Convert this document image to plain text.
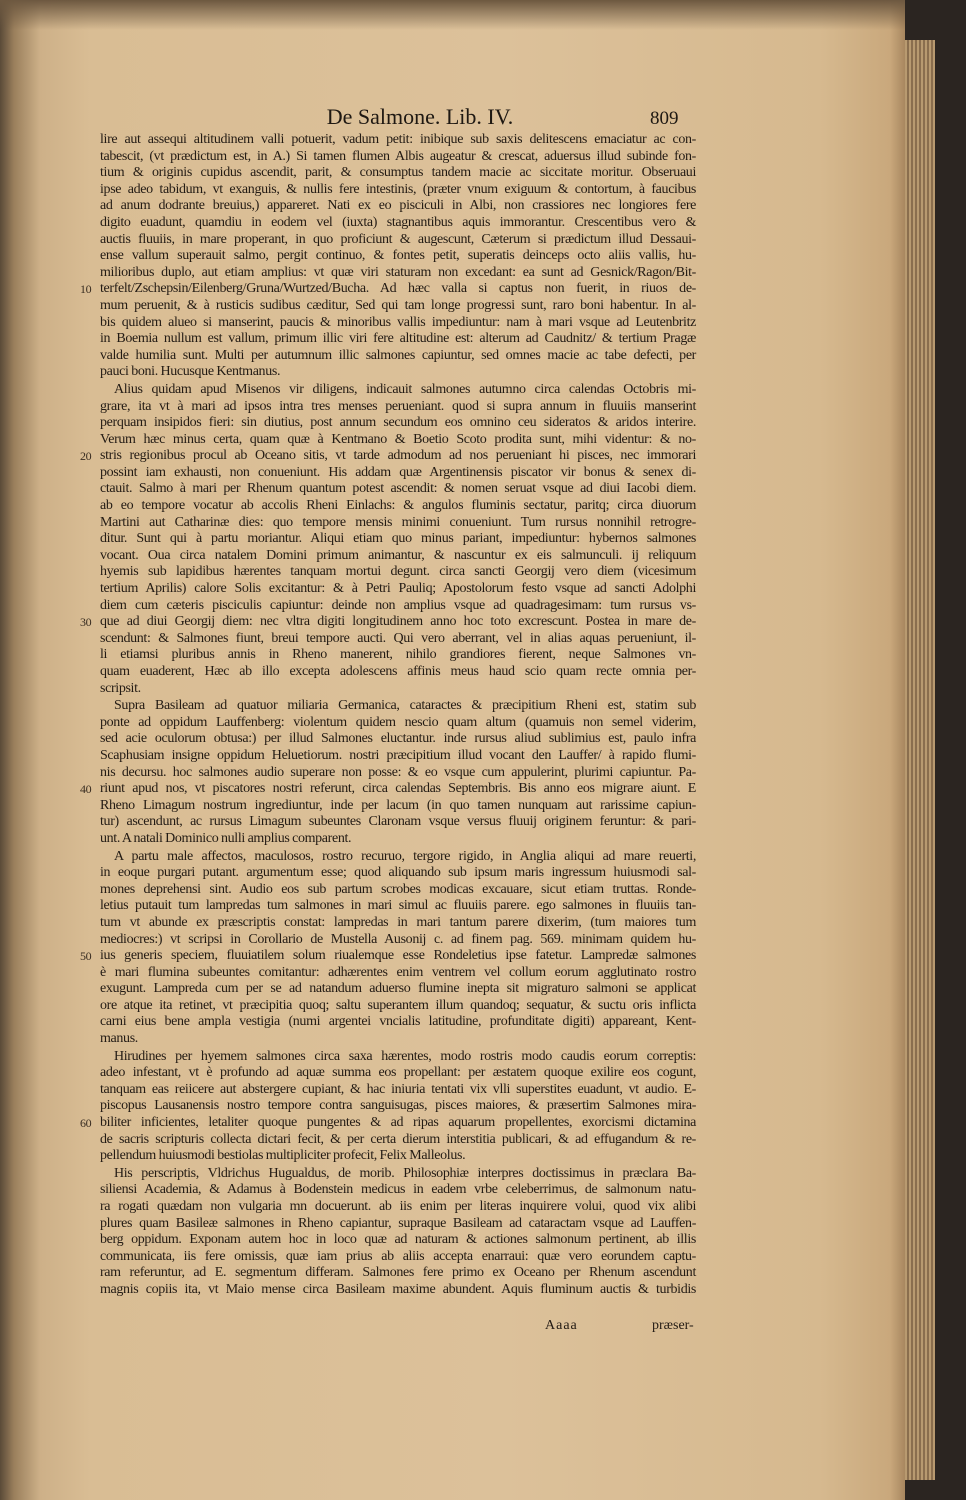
De Salmone. Lib. IV.	809
lire aut assequi altitudinem valli potuerit, vadum petit: inibique sub saxis delitescens emaciatur ac con-
tabescit, (vt prædictum est, in A.) Si tamen flumen Albis augeatur & crescat, aduersus illud subinde fon-
tium & originis cupidus ascendit, parit, & consumptus tandem macie ac siccitate moritur. Obseruaui
ipse adeo tabidum, vt exanguis, & nullis fere intestinis, (præter vnum exiguum & contortum, à faucibus
ad anum dodrante breuius,) appareret. Nati ex eo pisciculi in Albi, non crassiores nec longiores fere
digito euadunt, quamdiu in eodem vel (iuxta) stagnantibus aquis immorantur. Crescentibus vero &
auctis fluuiis, in mare properant, in quo proficiunt & augescunt, Cæterum si prædictum illud Dessaui-
ense vallum superauit salmo, pergit continuo, & fontes petit, superatis deinceps octo aliis vallis, hu-
milioribus duplo, aut etiam amplius: vt quæ viri staturam non excedant: ea sunt ad Gesnick/Ragon/Bit-
10 terfelt/Zschepsin/Eilenberg/Gruna/Wurtzed/Bucha. Ad hæc valla si captus non fuerit, in riuos de-
mum peruenit, & à rusticis sudibus cæditur, Sed qui tam longe progressi sunt, raro boni habentur. In al-
bis quidem alueo si manserint, paucis & minoribus vallis impediuntur: nam à mari vsque ad Leutenbritz
in Boemia nullum est vallum, primum illic viri fere altitudine est: alterum ad Caudnitz/ & tertium Pragæ
valde humilia sunt. Multi per autumnum illic salmones capiuntur, sed omnes macie ac tabe defecti, per
pauci boni. Hucusque Kentmanus.
Alius quidam apud Misenos vir diligens, indicauit salmones autumno circa calendas Octobris mi-
grare, ita vt à mari ad ipsos intra tres menses perueniant. quod si supra annum in fluuiis manserint
perquam insipidos fieri: sin diutius, post annum secundum eos omnino ceu sideratos & aridos interire.
Verum hæc minus certa, quam quæ à Kentmano & Boetio Scoto prodita sunt, mihi videntur: & no-
20 stris regionibus procul ab Oceano sitis, vt tarde admodum ad nos perueniant hi pisces, nec immorari
possint iam exhausti, non conueniunt. His addam quæ Argentinensis piscator vir bonus & senex di-
ctauit. Salmo à mari per Rhenum quantum potest ascendit: & nomen seruat vsque ad diui Iacobi diem.
ab eo tempore vocatur ab accolis Rheni Einlachs: & angulos fluminis sectatur, paritq; circa diuorum
Martini aut Catharinæ dies: quo tempore mensis minimi conueniunt. Tum rursus nonnihil retrogre-
ditur. Sunt qui à partu moriantur. Aliqui etiam quo minus pariant, impediuntur: hybernos salmones
vocant. Oua circa natalem Domini primum animantur, & nascuntur ex eis salmunculi. ij reliquum
hyemis sub lapidibus hærentes tanquam mortui degunt. circa sancti Georgij vero diem (vicesimum
tertium Aprilis) calore Solis excitantur: & à Petri Pauliq; Apostolorum festo vsque ad sancti Adolphi
diem cum cæteris pisciculis capiuntur: deinde non amplius vsque ad quadragesimam: tum rursus vs-
30 que ad diui Georgij diem: nec vltra digiti longitudinem anno hoc toto excrescunt. Postea in mare de-
scendunt: & Salmones fiunt, breui tempore aucti. Qui vero aberrant, vel in alias aquas perueniunt, il-
li etiamsi pluribus annis in Rheno manerent, nihilo grandiores fierent, neque Salmones vn-
quam euaderent, Hæc ab illo excepta adolescens affinis meus haud scio quam recte omnia per-
scripsit.
Supra Basileam ad quatuor miliaria Germanica, cataractes & præcipitium Rheni est, statim sub
ponte ad oppidum Lauffenberg: violentum quidem nescio quam altum (quamuis non semel viderim,
sed acie oculorum obtusa:) per illud Salmones eluctantur. inde rursus aliud sublimius est, paulo infra
Scaphusiam insigne oppidum Heluetiorum. nostri præcipitium illud vocant den Lauffer/ à rapido flumi-
nis decursu. hoc salmones audio superare non posse: & eo vsque cum appulerint, plurimi capiuntur. Pa-
40 riunt apud nos, vt piscatores nostri referunt, circa calendas Septembris. Bis anno eos migrare aiunt. E
Rheno Limagum nostrum ingrediuntur, inde per lacum (in quo tamen nunquam aut rarissime capiun-
tur) ascendunt, ac rursus Limagum subeuntes Claronam vsque versus fluuij originem feruntur: & pari-
unt. A natali Dominico nulli amplius comparent.
A partu male affectos, maculosos, rostro recuruo, tergore rigido, in Anglia aliqui ad mare reuerti,
in eoque purgari putant. argumentum esse; quod aliquando sub ipsum maris ingressum huiusmodi sal-
mones deprehensi sint. Audio eos sub partum scrobes modicas excauare, sicut etiam truttas. Ronde-
letius putauit tum lampredas tum salmones in mari simul ac fluuiis parere. ego salmones in fluuiis tan-
tum vt abunde ex præscriptis constat: lampredas in mari tantum parere dixerim, (tum maiores tum
mediocres:) vt scripsi in Corollario de Mustella Ausonij c. ad finem pag. 569. minimam quidem hu-
50 ius generis speciem, fluuiatilem solum riualemque esse Rondeletius ipse fatetur. Lampredæ salmones
è mari flumina subeuntes comitantur: adhærentes enim ventrem vel collum eorum agglutinato rostro
exugunt. Lampreda cum per se ad natandum aduerso flumine inepta sit migraturo salmoni se applicat
ore atque ita retinet, vt præcipitia quoq; saltu superantem illum quandoq; sequatur, & suctu oris inflicta
carni eius bene ampla vestigia (numi argentei vncialis latitudine, profunditate digiti) appareant, Kent-
manus.
Hirudines per hyemem salmones circa saxa hærentes, modo rostris modo caudis eorum correptis:
adeo infestant, vt è profundo ad aquæ summa eos propellant: per æstatem quoque exilire eos cogunt,
tanquam eas reiicere aut abstergere cupiant, & hac iniuria tentati vix vlli superstites euadunt, vt audio. E-
piscopus Lausanensis nostro tempore contra sanguisugas, pisces maiores, & præsertim Salmones mira-
60 biliter inficientes, letaliter quoque pungentes & ad ripas aquarum propellentes, exorcismi dictamina
de sacris scripturis collecta dictari fecit, & per certa dierum interstitia publicari, & ad effugandum & re-
pellendum huiusmodi bestiolas multipliciter profecit, Felix Malleolus.
His perscriptis, Vldrichus Hugualdus, de morib. Philosophiæ interpres doctissimus in præclara Ba-
siliensi Academia, & Adamus à Bodenstein medicus in eadem vrbe celeberrimus, de salmonum natu-
ra rogati quædam non vulgaria mn docuerunt. ab iis enim per literas inquirere volui, quod vix alibi
plures quam Basileæ salmones in Rheno capiantur, supraque Basileam ad cataractam vsque ad Lauffen-
berg oppidum. Exponam autem hoc in loco quæ ad naturam & actiones salmonum pertinent, ab illis
communicata, iis fere omissis, quæ iam prius ab aliis accepta enarraui: quæ vero eorundem captu-
ram referuntur, ad E. segmentum differam. Salmones fere primo ex Oceano per Rhenum ascendunt
magnis copiis ita, vt Maio mense circa Basileam maxime abundent. Aquis fluminum auctis & turbidis
Aaaa	præser-
